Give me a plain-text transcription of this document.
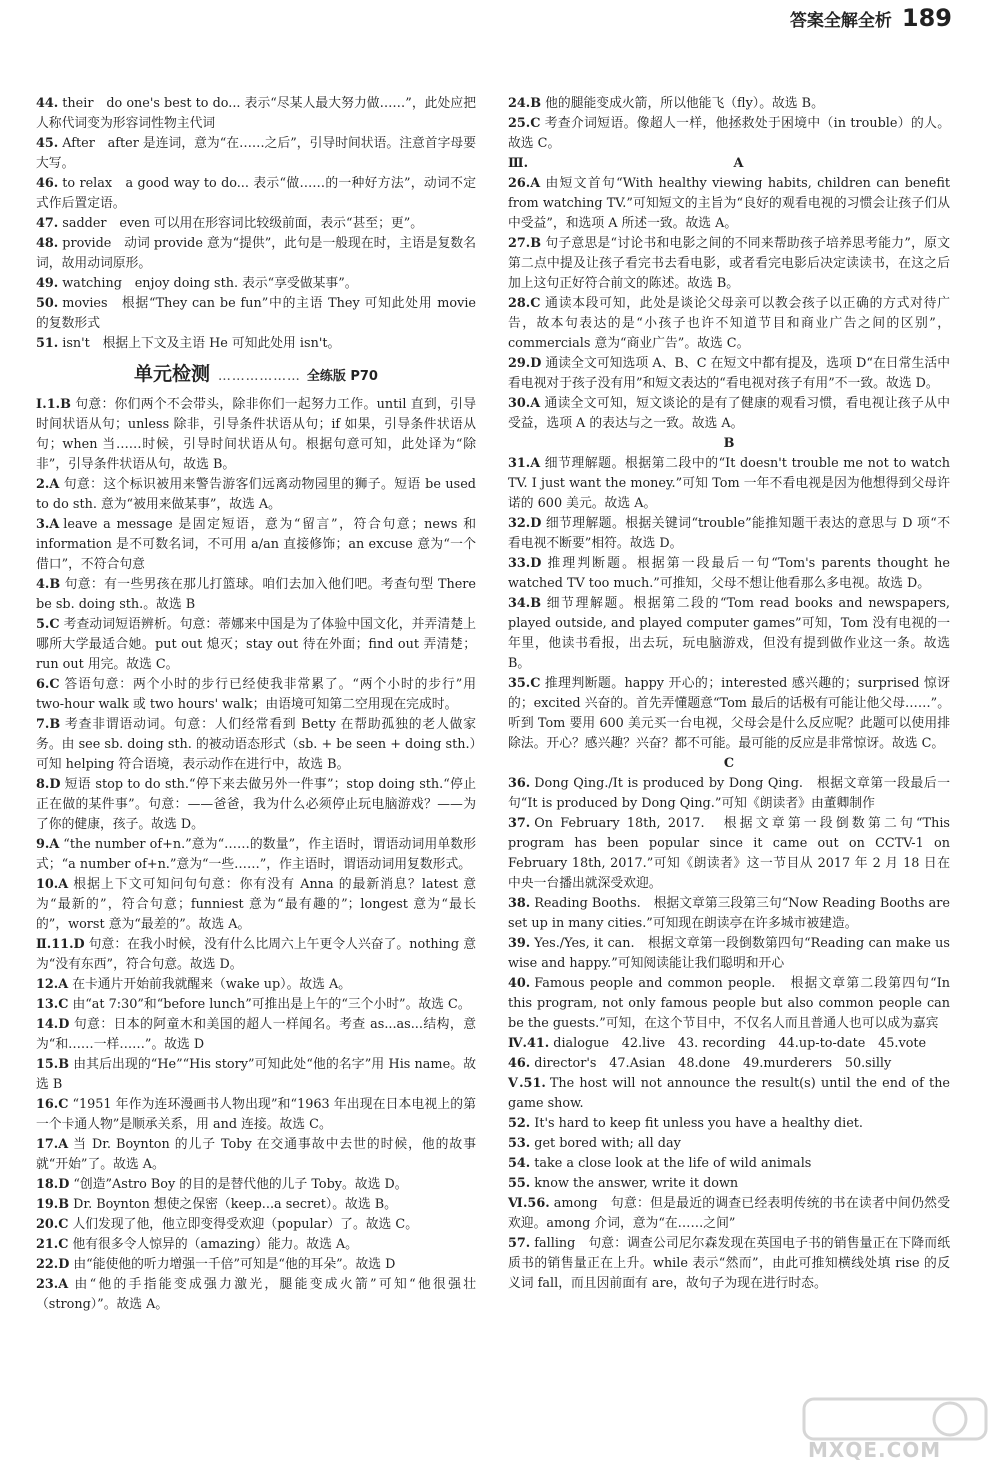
答案全解全析 189

44. their　do one's best to do... 表示“尽某人最大努力做……”，此处应把人称代词变为形容词性物主代词

45. After　after 是连词，意为“在……之后”，引导时间状语。注意首字母要大写。

46. to relax　a good way to do... 表示“做……的一种好方法”，动词不定式作后置定语。

47. sadder　even 可以用在形容词比较级前面，表示“甚至；更”。

48. provide　动词 provide 意为“提供”，此句是一般现在时，主语是复数名词，故用动词原形。

49. watching　enjoy doing sth. 表示“享受做某事”。

50. movies　根据“They can be fun”中的主语 They 可知此处用 movie 的复数形式

51. isn't　根据上下文及主语 He 可知此处用 isn't。

单元检测 ……………… 全练版 P70

Ⅰ.1.B 句意：你们两个不会带头，除非你们一起努力工作。until 直到，引导时间状语从句；unless 除非，引导条件状语从句；if 如果，引导条件状语从句；when 当……时候，引导时间状语从句。根据句意可知，此处译为“除非”，引导条件状语从句，故选 B。

2.A 句意：这个标识被用来警告游客们远离动物园里的狮子。短语 be used to do sth. 意为“被用来做某事”，故选 A。

3.A leave a message 是固定短语，意为“留言”，符合句意；news 和 information 是不可数名词，不可用 a/an 直接修饰；an excuse 意为“一个借口”，不符合句意

4.B 句意：有一些男孩在那儿打篮球。咱们去加入他们吧。考查句型 There be sb. doing sth.。故选 B

5.C 考查动词短语辨析。句意：蒂娜来中国是为了体验中国文化，并弄清楚上哪所大学最适合她。put out 熄灭；stay out 待在外面；find out 弄清楚；run out 用完。故选 C。

6.C 答语句意：两个小时的步行已经使我非常累了。“两个小时的步行”用 two-hour walk 或 two hours' walk；由语境可知第二空用现在完成时。

7.B 考查非谓语动词。句意：人们经常看到 Betty 在帮助孤独的老人做家务。由 see sb. doing sth. 的被动语态形式（sb. + be seen + doing sth.）可知 helping 符合语境，表示动作在进行中，故选 B。

8.D 短语 stop to do sth.“停下来去做另外一件事”；stop doing sth.“停止正在做的某件事”。句意：——爸爸，我为什么必须停止玩电脑游戏？——为了你的健康，孩子。故选 D。

9.A “the number of+n.”意为“……的数量”，作主语时，谓语动词用单数形式；“a number of+n.”意为“一些……”，作主语时，谓语动词用复数形式。

10.A 根据上下文可知问句句意：你有没有 Anna 的最新消息？latest 意为“最新的”，符合句意；funniest 意为“最有趣的”；longest 意为“最长的”，worst 意为“最差的”。故选 A。

Ⅱ.11.D 句意：在我小时候，没有什么比周六上午更令人兴奋了。nothing 意为“没有东西”，符合句意。故选 D。

12.A 在卡通片开始前我就醒来（wake up）。故选 A。

13.C 由“at 7:30”和“before lunch”可推出是上午的“三个小时”。故选 C。

14.D 句意：日本的阿童木和美国的超人一样闻名。考查 as...as...结构，意为“和……一样……”。故选 D

15.B 由其后出现的“He”“His story”可知此处“他的名字”用 His name。故选 B

16.C “1951 年作为连环漫画书人物出现”和“1963 年出现在日本电视上的第一个卡通人物”是顺承关系，用 and 连接。故选 C。

17.A 当 Dr. Boynton 的儿子 Toby 在交通事故中去世的时候，他的故事就“开始”了。故选 A。

18.D “创造”Astro Boy 的目的是替代他的儿子 Toby。故选 D。

19.B Dr. Boynton 想使之保密（keep...a secret）。故选 B。

20.C 人们发现了他，他立即变得受欢迎（popular）了。故选 C。

21.C 他有很多令人惊异的（amazing）能力。故选 A。

22.D 由“能使他的听力增强一千倍”可知是“他的耳朵”。故选 D

23.A 由“他的手指能变成强力激光，腿能变成火箭”可知“他很强壮（strong）”。故选 A。

24.B 他的腿能变成火箭，所以他能飞（fly）。故选 B。

25.C 考查介词短语。像超人一样，他拯救处于困境中（in trouble）的人。故选 C。

Ⅲ.	A

26.A 由短文首句“With healthy viewing habits, children can benefit from watching TV.”可知短文的主旨为“良好的观看电视的习惯会让孩子们从中受益”，和选项 A 所述一致。故选 A。

27.B 句子意思是“讨论书和电影之间的不同来帮助孩子培养思考能力”，原文第二点中提及让孩子看完书去看电影，或者看完电影后决定读读书，在这之后加上这句正好符合前文的陈述。故选 B。

28.C 通读本段可知，此处是谈论父母亲可以教会孩子以正确的方式对待广告，故本句表达的是“小孩子也许不知道节目和商业广告之间的区别”，commercials 意为“商业广告”。故选 C。

29.D 通读全文可知选项 A、B、C 在短文中都有提及，选项 D“在日常生活中看电视对于孩子没有用”和短文表达的“看电视对孩子有用”不一致。故选 D。

30.A 通读全文可知，短文谈论的是有了健康的观看习惯，看电视让孩子从中受益，选项 A 的表达与之一致。故选 A。

B

31.A 细节理解题。根据第二段中的“It doesn't trouble me not to watch TV. I just want the money.”可知 Tom 一年不看电视是因为他想得到父母许诺的 600 美元。故选 A。

32.D 细节理解题。根据关键词“trouble”能推知题干表达的意思与 D 项“不看电视不断要”相符。故选 D。

33.D 推理判断题。根据第一段最后一句“Tom's parents thought he watched TV too much.”可推知，父母不想让他看那么多电视。故选 D。

34.B 细节理解题。根据第二段的“Tom read books and newspapers, played outside, and played computer games”可知，Tom 没有电视的一年里，他读书看报，出去玩，玩电脑游戏，但没有提到做作业这一条。故选 B。

35.C 推理判断题。happy 开心的；interested 感兴趣的；surprised 惊讶的；excited 兴奋的。首先弄懂题意“Tom 最后的话极有可能让他父母……”。听到 Tom 要用 600 美元买一台电视，父母会是什么反应呢？此题可以使用排除法。开心？感兴趣？兴奋？都不可能。最可能的反应是非常惊讶。故选 C。

C

36. Dong Qing./It is produced by Dong Qing.　根据文章第一段最后一句“It is produced by Dong Qing.”可知《朗读者》由董卿制作

37. On February 18th, 2017.　根据文章第一段倒数第二句“This program has been popular since it came out on CCTV-1 on February 18th, 2017.”可知《朗读者》这一节目从 2017 年 2 月 18 日在中央一台播出就深受欢迎。

38. Reading Booths.　根据文章第三段第三句“Now Reading Booths are set up in many cities.”可知现在朗读亭在许多城市被建造。

39. Yes./Yes, it can.　根据文章第一段倒数第四句“Reading can make us wise and happy.”可知阅读能让我们聪明和开心

40. Famous people and common people.　根据文章第二段第四句“In this program, not only famous people but also common people can be the guests.”可知，在这个节目中，不仅名人而且普通人也可以成为嘉宾

Ⅳ.41. dialogue　42.live　43. recording　44.up-to-date　45.vote

46. director's　47.Asian　48.done　49.murderers　50.silly

Ⅴ.51. The host will not announce the result(s) until the end of the game show.

52. It's hard to keep fit unless you have a healthy diet.

53. get bored with; all day

54. take a close look at the life of wild animals

55. know the answer, write it down

Ⅵ.56. among　句意：但是最近的调查已经表明传统的书在读者中间仍然受欢迎。among 介词，意为“在……之间”

57. falling　句意：调查公司尼尔森发现在英国电子书的销售量正在下降而纸质书的销售量正在上升。while 表示“然而”，由此可推知横线处填 rise 的反义词 fall，而且因前面有 are，故句子为现在进行时态。

MXQE.COM
